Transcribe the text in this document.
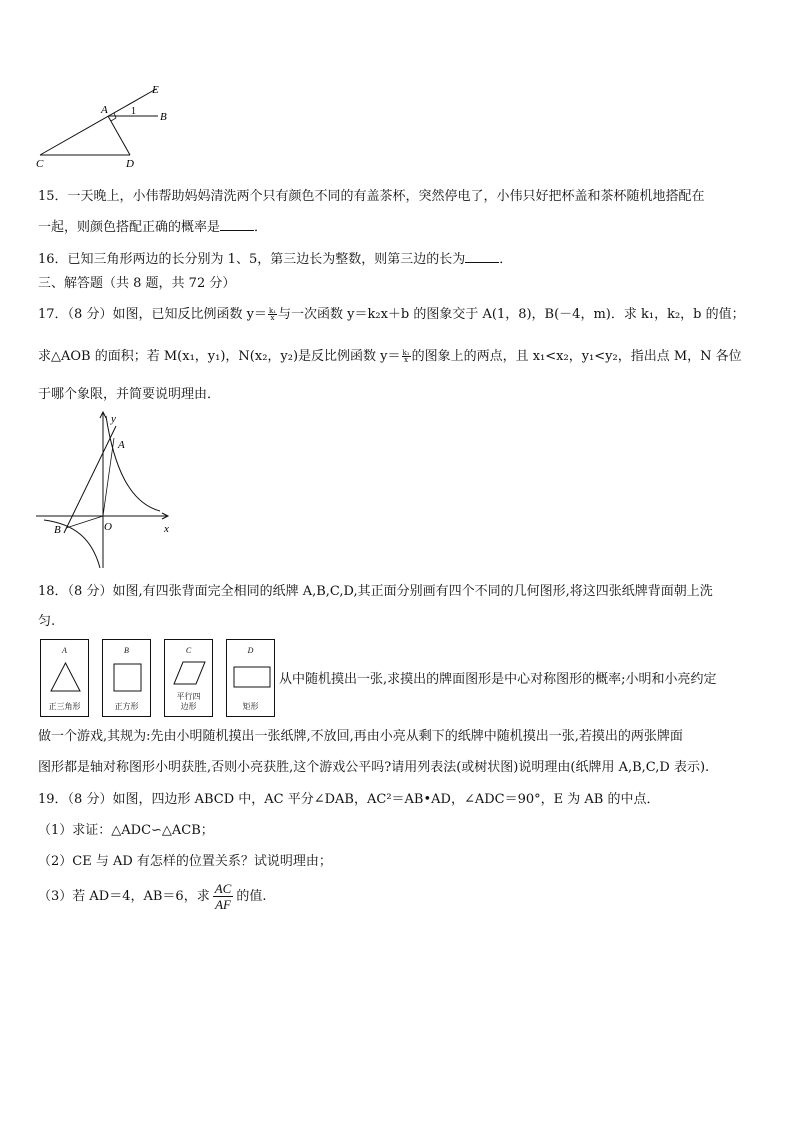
E
A 1 B
C	D
15．一天晚上，小伟帮助妈妈清洗两个只有颜色不同的有盖茶杯，突然停电了，小伟只好把杯盖和茶杯随机地搭配在
一起，则颜色搭配正确的概率是	．
16．已知三角形两边的长分别为 1、5，第三边长为整数，则第三边的长为	．
三、解答题（共 8 题，共 72 分）
17．（8 分）如图，已知反比例函数 $y= \frac{\text{k₁}}{x}$ 与一次函数 y＝k₂x＋b 的图象交于 A(1，8)，B(－4，m)．求 k₁，k₂，b 的值；
求△AOB 的面积；若 M(x₁，y₁)，N(x₂，y₂)是反比例函数 $y= \frac{\text{k₁}}{x}$ 的图象上的两点，且 x₁<x₂，y₁<y₂，指出点 M，N 各位
于哪个象限，并简要说明理由．
y
A
O	x
B
18．（8 分）如图,有四张背面完全相同的纸牌 A,B,C,D,其正面分别画有四个不同的几何图形,将这四张纸牌背面朝上洗
匀.
A
正三角形
B
正方形
C
平行四
边形
D
矩形
从中随机摸出一张,求摸出的牌面图形是中心对称图形的概率;小明和小亮约定
做一个游戏,其规为:先由小明随机摸出一张纸牌,不放回,再由小亮从剩下的纸牌中随机摸出一张,若摸出的两张牌面
图形都是轴对称图形小明获胜,否则小亮获胜,这个游戏公平吗?请用列表法(或树状图)说明理由(纸牌用 A,B,C,D 表示).
19．（8 分）如图，四边形 ABCD 中，AC 平分∠DAB，AC²＝AB•AD，∠ADC＝90°，E 为 AB 的中点．
（1）求证：△ADC∽△ACB；
（2）CE 与 AD 有怎样的位置关系？试说明理由；
（3）若 AD＝4，AB＝6，求 $\frac{AC}{AF}$ 的值.
